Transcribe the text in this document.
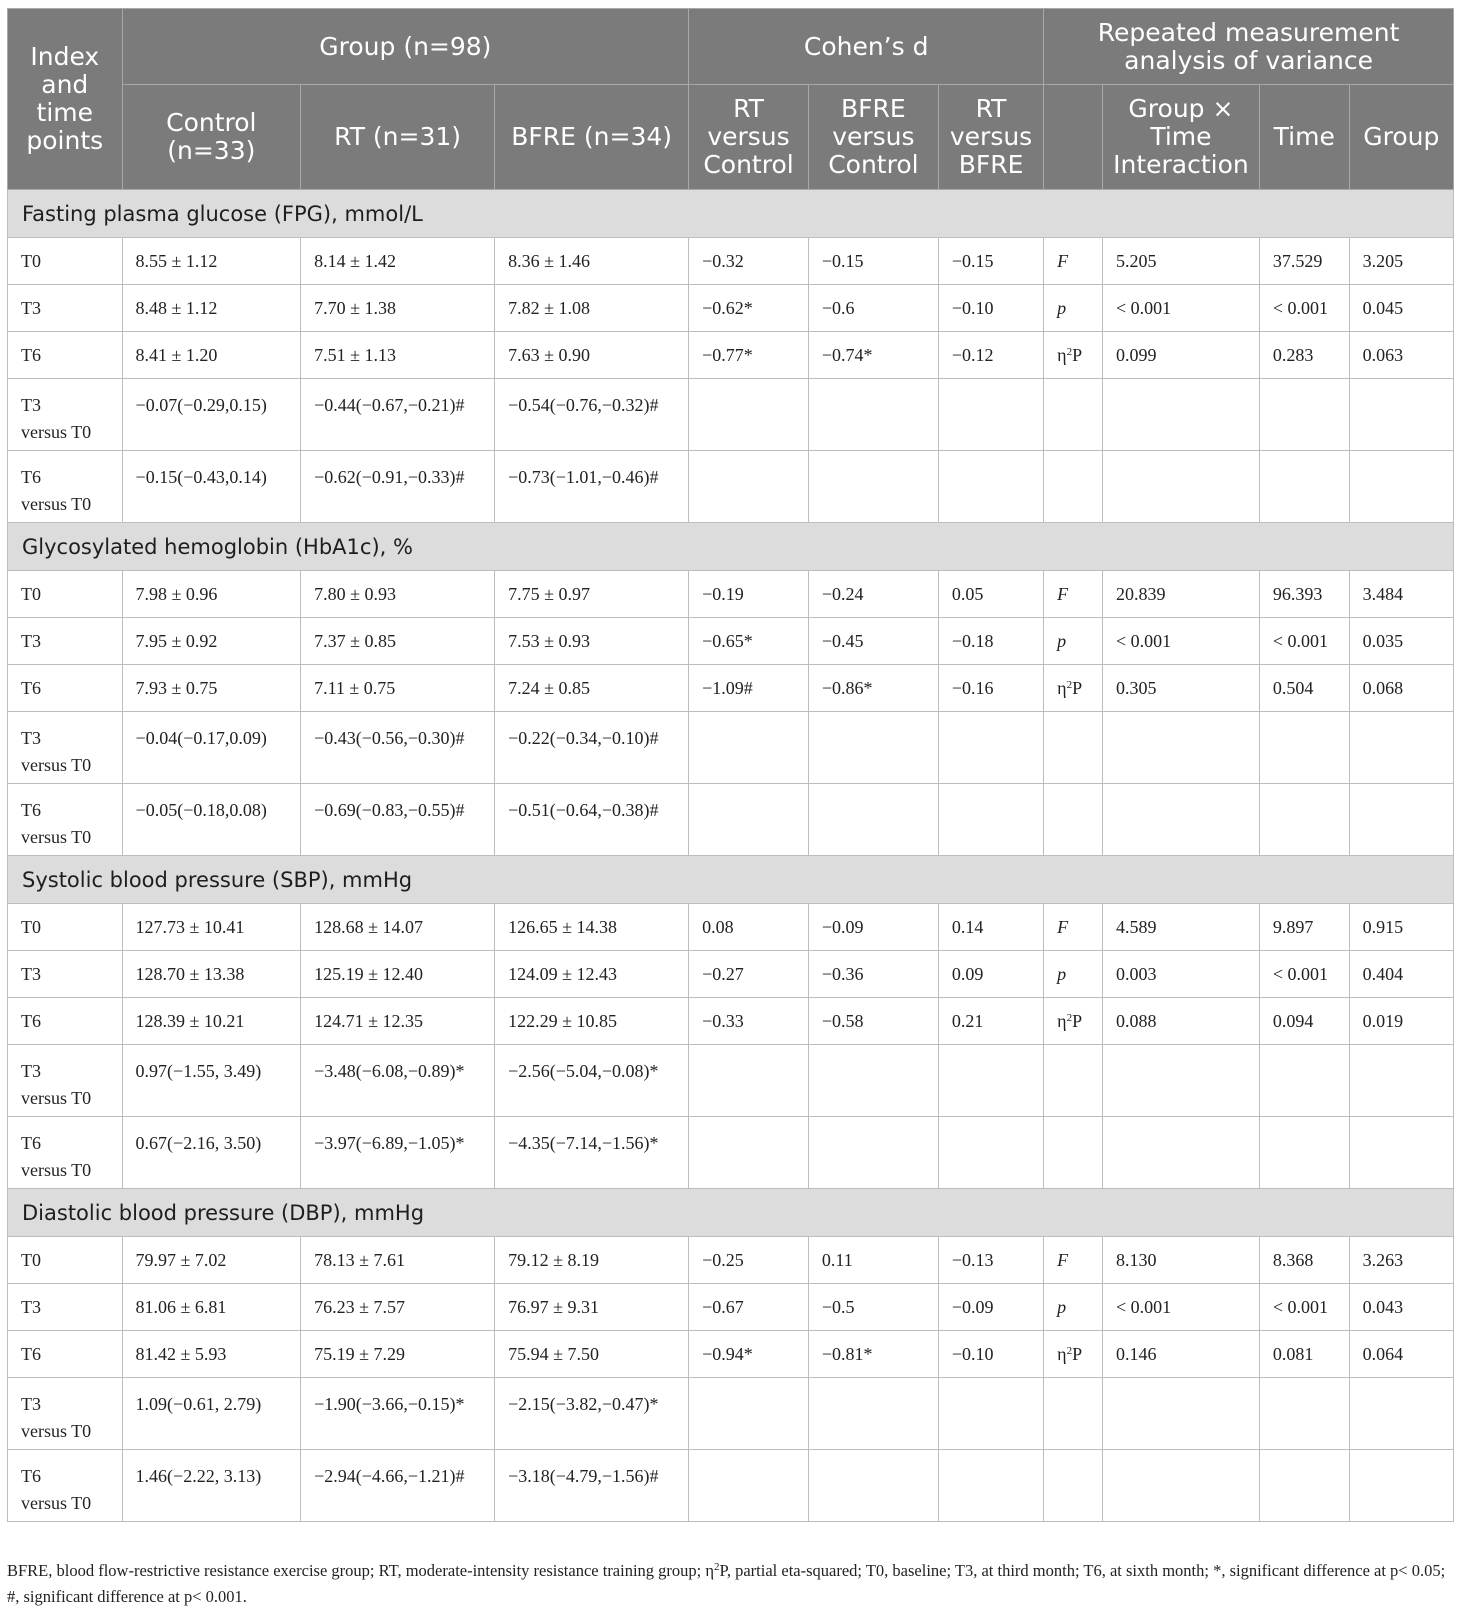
Index and time points	Group (n=98)			Cohen’s d			Repeated measurement analysis of variance			
	Control (n=33)	RT (n=31)	BFRE (n=34)	RT versus Control	BFRE versus Control	RT versus BFRE		Group × Time Interaction	Time	Group
Fasting plasma glucose (FPG), mmol/L										

T0	8.55 ± 1.12	8.14 ± 1.42	8.36 ± 1.46	−0.32	−0.15	−0.15	F	5.205	37.529	3.205

T3	8.48 ± 1.12	7.70 ± 1.38	7.82 ± 1.08	−0.62*	−0.6	−0.10	p	< 0.001	< 0.001	0.045

T6	8.41 ± 1.20	7.51 ± 1.13	7.63 ± 0.90	−0.77*	−0.74*	−0.12	$\eta^2P$	0.099	0.283	0.063

T3
versus T0	−0.07(−0.29,0.15)	−0.44(−0.67,−0.21)#	−0.54(−0.76,−0.32)#							

T6
versus T0	−0.15(−0.43,0.14)	−0.62(−0.91,−0.33)#	−0.73(−1.01,−0.46)#							
Glycosylated hemoglobin (HbA1c), %										

T0	7.98 ± 0.96	7.80 ± 0.93	7.75 ± 0.97	−0.19	−0.24	0.05	F	20.839	96.393	3.484

T3	7.95 ± 0.92	7.37 ± 0.85	7.53 ± 0.93	−0.65*	−0.45	−0.18	p	< 0.001	< 0.001	0.035

T6	7.93 ± 0.75	7.11 ± 0.75	7.24 ± 0.85	−1.09#	−0.86*	−0.16	$\eta^2P$	0.305	0.504	0.068

T3
versus T0	−0.04(−0.17,0.09)	−0.43(−0.56,−0.30)#	−0.22(−0.34,−0.10)#							

T6
versus T0	−0.05(−0.18,0.08)	−0.69(−0.83,−0.55)#	−0.51(−0.64,−0.38)#							
Systolic blood pressure (SBP), mmHg										

T0	127.73 ± 10.41	128.68 ± 14.07	126.65 ± 14.38	0.08	−0.09	0.14	F	4.589	9.897	0.915

T3	128.70 ± 13.38	125.19 ± 12.40	124.09 ± 12.43	−0.27	−0.36	0.09	p	0.003	< 0.001	0.404

T6	128.39 ± 10.21	124.71 ± 12.35	122.29 ± 10.85	−0.33	−0.58	0.21	$\eta^2P$	0.088	0.094	0.019

T3
versus T0	0.97(−1.55, 3.49)	−3.48(−6.08,−0.89)*	−2.56(−5.04,−0.08)*							

T6
versus T0	0.67(−2.16, 3.50)	−3.97(−6.89,−1.05)*	−4.35(−7.14,−1.56)*							
Diastolic blood pressure (DBP), mmHg										

T0	79.97 ± 7.02	78.13 ± 7.61	79.12 ± 8.19	−0.25	0.11	−0.13	F	8.130	8.368	3.263

T3	81.06 ± 6.81	76.23 ± 7.57	76.97 ± 9.31	−0.67	−0.5	−0.09	p	< 0.001	< 0.001	0.043

T6	81.42 ± 5.93	75.19 ± 7.29	75.94 ± 7.50	−0.94*	−0.81*	−0.10	$\eta^2P$	0.146	0.081	0.064

T3
versus T0	1.09(−0.61, 2.79)	−1.90(−3.66,−0.15)*	−2.15(−3.82,−0.47)*							

T6
versus T0	1.46(−2.22, 3.13)	−2.94(−4.66,−1.21)#	−3.18(−4.79,−1.56)#							
BFRE, blood flow-restrictive resistance exercise group; RT, moderate-intensity resistance training group; $\eta^2P$, partial eta-squared; T0, baseline; T3, at third month; T6, at sixth month; *, significant difference at p< 0.05; #, significant difference at p< 0.001.
